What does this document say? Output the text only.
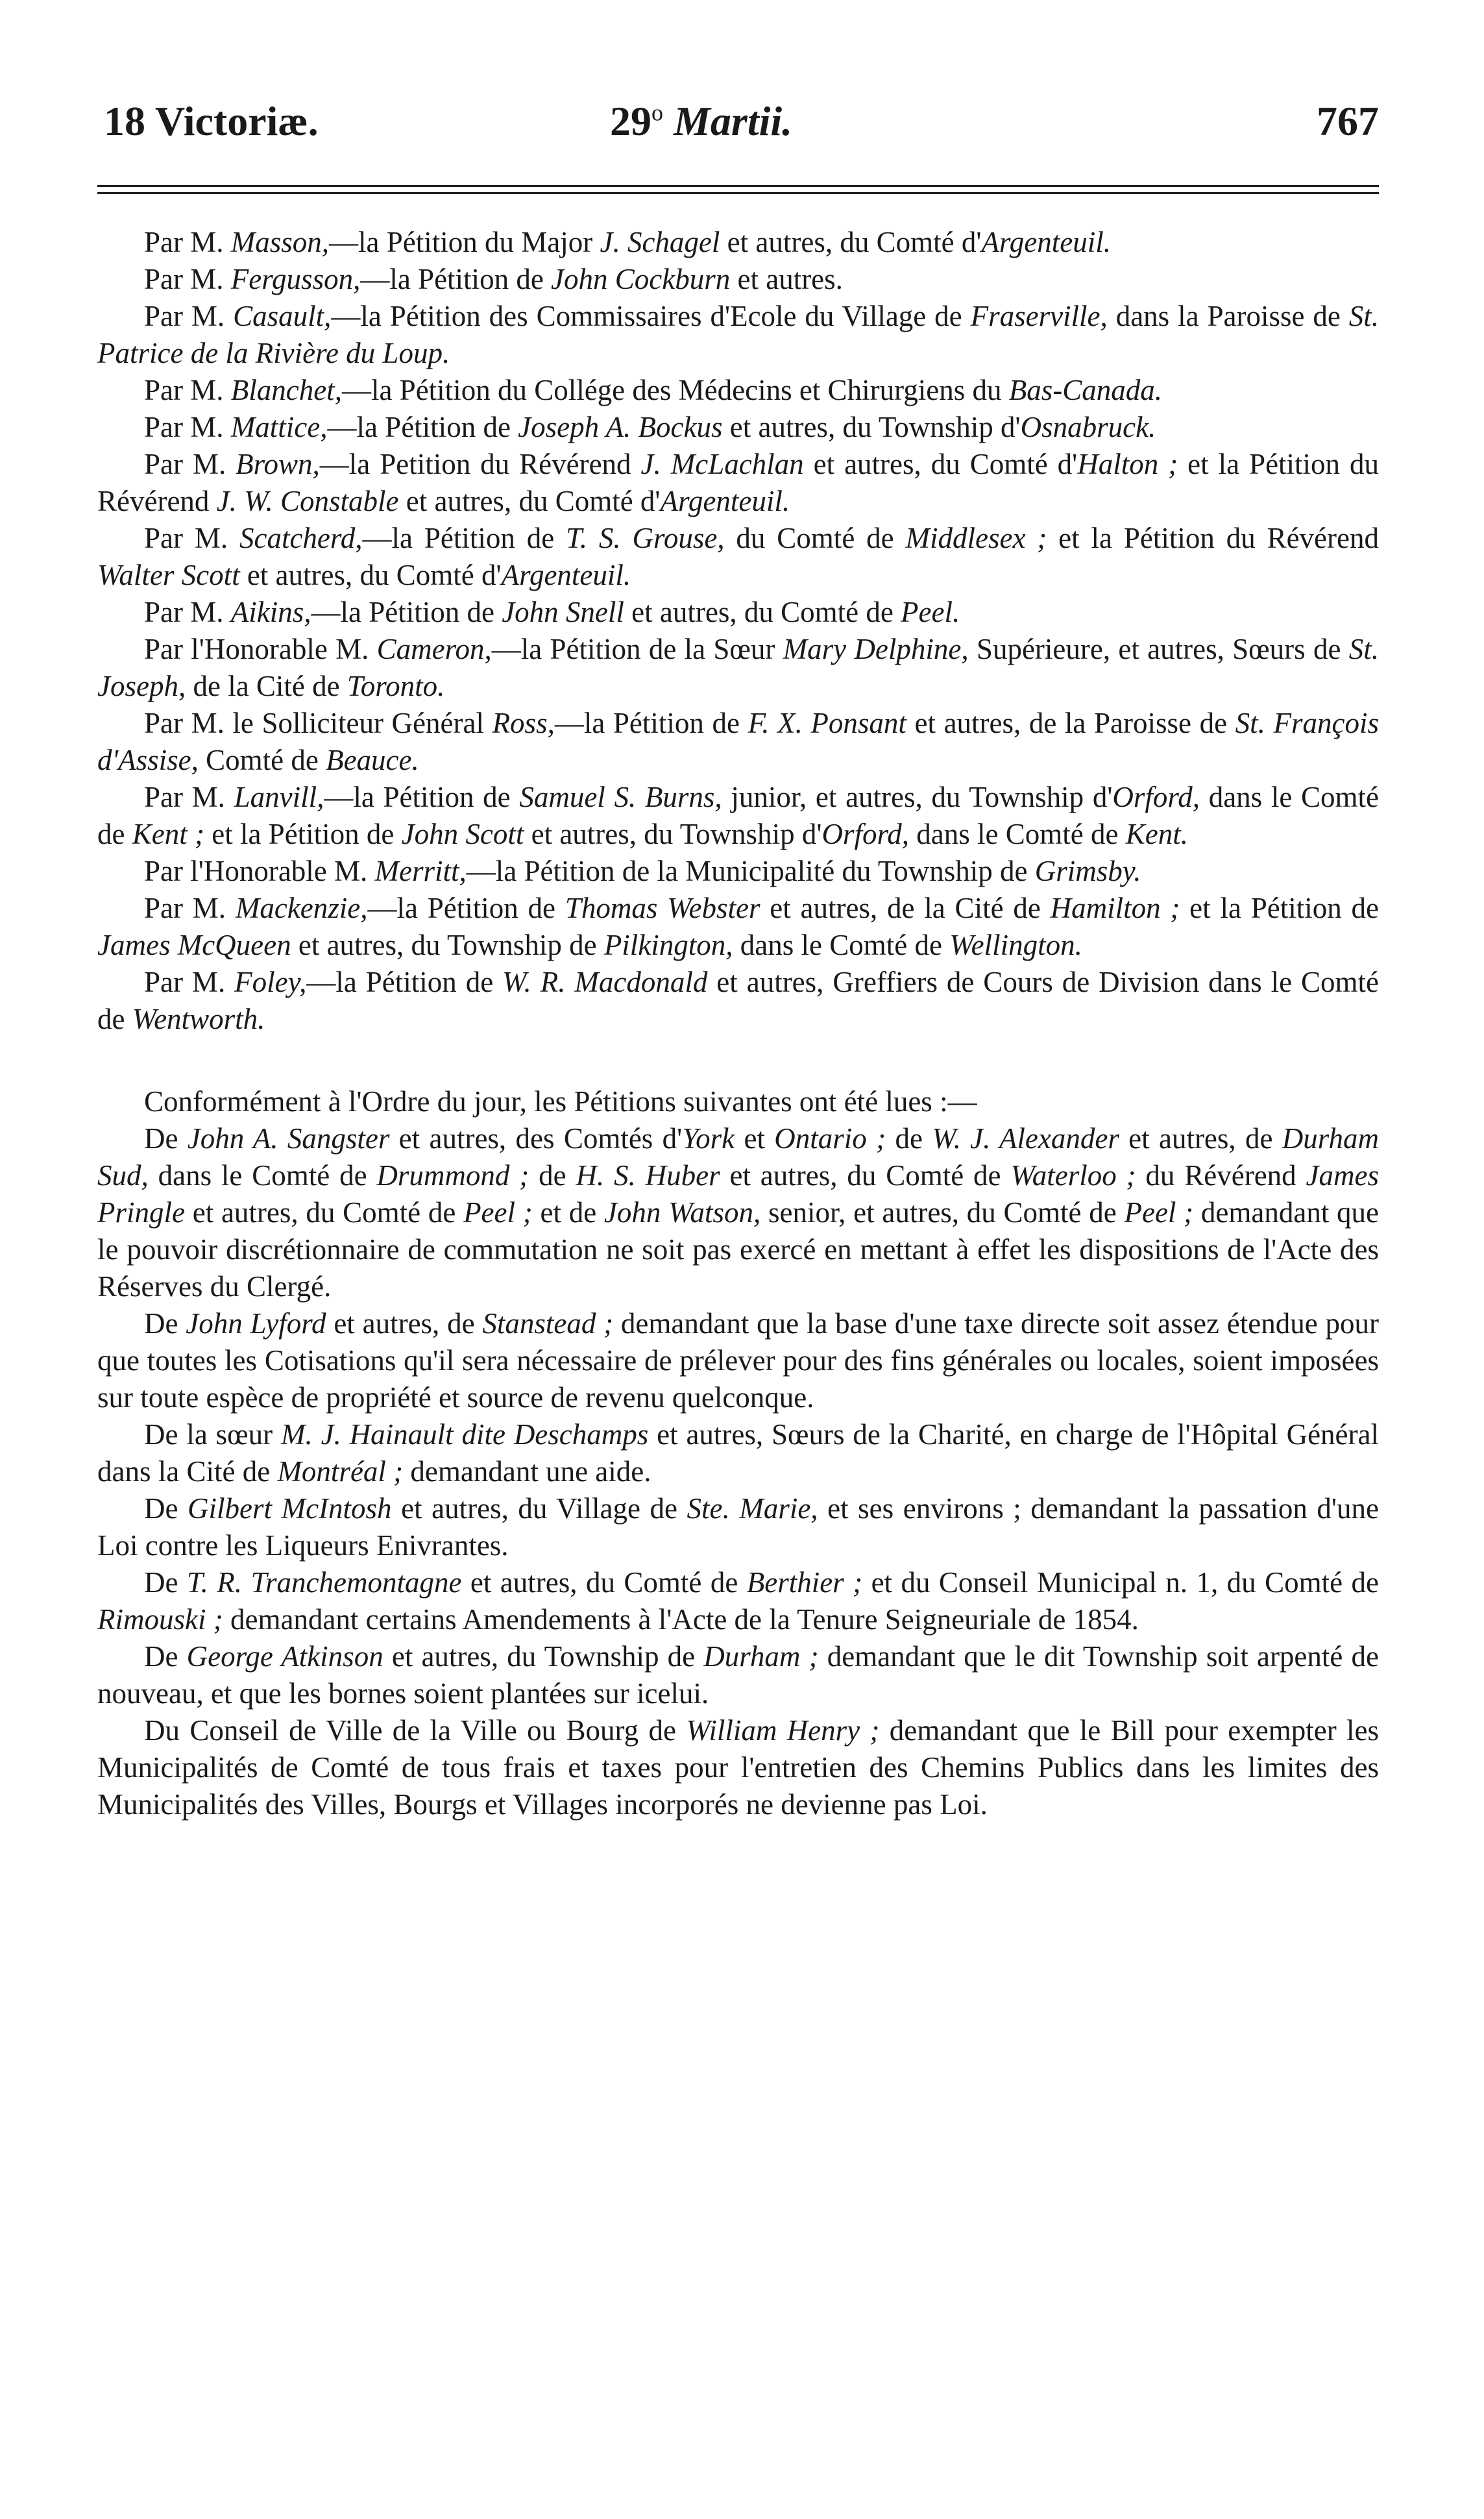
18 Victoriæ.	29$^o$ Martii.	767

Par M. Masson,—la Pétition du Major J. Schagel et autres, du Comté d'Argenteuil.

Par M. Fergusson,—la Pétition de John Cockburn et autres.

Par M. Casault,—la Pétition des Commissaires d'Ecole du Village de Fraserville, dans la Paroisse de St. Patrice de la Rivière du Loup.

Par M. Blanchet,—la Pétition du Collége des Médecins et Chirurgiens du Bas-Canada.

Par M. Mattice,—la Pétition de Joseph A. Bockus et autres, du Township d'Osnabruck.

Par M. Brown,—la Petition du Révérend J. McLachlan et autres, du Comté d'Halton ; et la Pétition du Révérend J. W. Constable et autres, du Comté d'Argenteuil.

Par M. Scatcherd,—la Pétition de T. S. Grouse, du Comté de Middlesex ; et la Pétition du Révérend Walter Scott et autres, du Comté d'Argenteuil.

Par M. Aikins,—la Pétition de John Snell et autres, du Comté de Peel.

Par l'Honorable M. Cameron,—la Pétition de la Sœur Mary Delphine, Supérieure, et autres, Sœurs de St. Joseph, de la Cité de Toronto.

Par M. le Solliciteur Général Ross,—la Pétition de F. X. Ponsant et autres, de la Paroisse de St. François d'Assise, Comté de Beauce.

Par M. Lanvill,—la Pétition de Samuel S. Burns, junior, et autres, du Township d'Orford, dans le Comté de Kent ; et la Pétition de John Scott et autres, du Township d'Orford, dans le Comté de Kent.

Par l'Honorable M. Merritt,—la Pétition de la Municipalité du Township de Grimsby.

Par M. Mackenzie,—la Pétition de Thomas Webster et autres, de la Cité de Hamilton ; et la Pétition de James McQueen et autres, du Township de Pilkington, dans le Comté de Wellington.

Par M. Foley,—la Pétition de W. R. Macdonald et autres, Greffiers de Cours de Division dans le Comté de Wentworth.

Conformément à l'Ordre du jour, les Pétitions suivantes ont été lues :—

De John A. Sangster et autres, des Comtés d'York et Ontario ; de W. J. Alexander et autres, de Durham Sud, dans le Comté de Drummond ; de H. S. Huber et autres, du Comté de Waterloo ; du Révérend James Pringle et autres, du Comté de Peel ; et de John Watson, senior, et autres, du Comté de Peel ; demandant que le pouvoir discrétionnaire de commutation ne soit pas exercé en mettant à effet les dispositions de l'Acte des Réserves du Clergé.

De John Lyford et autres, de Stanstead ; demandant que la base d'une taxe directe soit assez étendue pour que toutes les Cotisations qu'il sera nécessaire de prélever pour des fins générales ou locales, soient imposées sur toute espèce de propriété et source de revenu quelconque.

De la sœur M. J. Hainault dite Deschamps et autres, Sœurs de la Charité, en charge de l'Hôpital Général dans la Cité de Montréal ; demandant une aide.

De Gilbert McIntosh et autres, du Village de Ste. Marie, et ses environs ; demandant la passation d'une Loi contre les Liqueurs Enivrantes.

De T. R. Tranchemontagne et autres, du Comté de Berthier ; et du Conseil Municipal n. 1, du Comté de Rimouski ; demandant certains Amendements à l'Acte de la Tenure Seigneuriale de 1854.

De George Atkinson et autres, du Township de Durham ; demandant que le dit Township soit arpenté de nouveau, et que les bornes soient plantées sur icelui.

Du Conseil de Ville de la Ville ou Bourg de William Henry ; demandant que le Bill pour exempter les Municipalités de Comté de tous frais et taxes pour l'entretien des Chemins Publics dans les limites des Municipalités des Villes, Bourgs et Villages incorporés ne devienne pas Loi.
